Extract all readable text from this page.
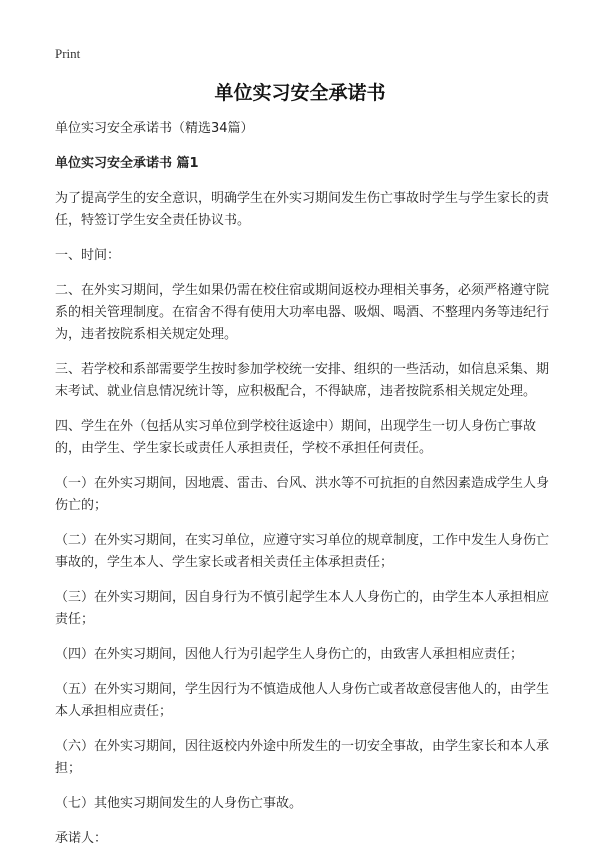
Print
单位实习安全承诺书

单位实习安全承诺书（精选34篇）

单位实习安全承诺书 篇1

为了提高学生的安全意识，明确学生在外实习期间发生伤亡事故时学生与学生家长的责任，特签订学生安全责任协议书。

一、时间：

二、在外实习期间，学生如果仍需在校住宿或期间返校办理相关事务，必须严格遵守院系的相关管理制度。在宿舍不得有使用大功率电器、吸烟、喝酒、不整理内务等违纪行为，违者按院系相关规定处理。

三、若学校和系部需要学生按时参加学校统一安排、组织的一些活动，如信息采集、期末考试、就业信息情况统计等，应积极配合，不得缺席，违者按院系相关规定处理。

四、学生在外（包括从实习单位到学校往返途中）期间，出现学生一切人身伤亡事故的，由学生、学生家长或责任人承担责任，学校不承担任何责任。

（一）在外实习期间，因地震、雷击、台风、洪水等不可抗拒的自然因素造成学生人身伤亡的；

（二）在外实习期间，在实习单位，应遵守实习单位的规章制度，工作中发生人身伤亡事故的，学生本人、学生家长或者相关责任主体承担责任；

（三）在外实习期间，因自身行为不慎引起学生本人人身伤亡的，由学生本人承担相应责任；

（四）在外实习期间，因他人行为引起学生人身伤亡的，由致害人承担相应责任；

（五）在外实习期间，学生因行为不慎造成他人人身伤亡或者故意侵害他人的，由学生本人承担相应责任；

（六）在外实习期间，因往返校内外途中所发生的一切安全事故，由学生家长和本人承担；

（七）其他实习期间发生的人身伤亡事故。

承诺人：
